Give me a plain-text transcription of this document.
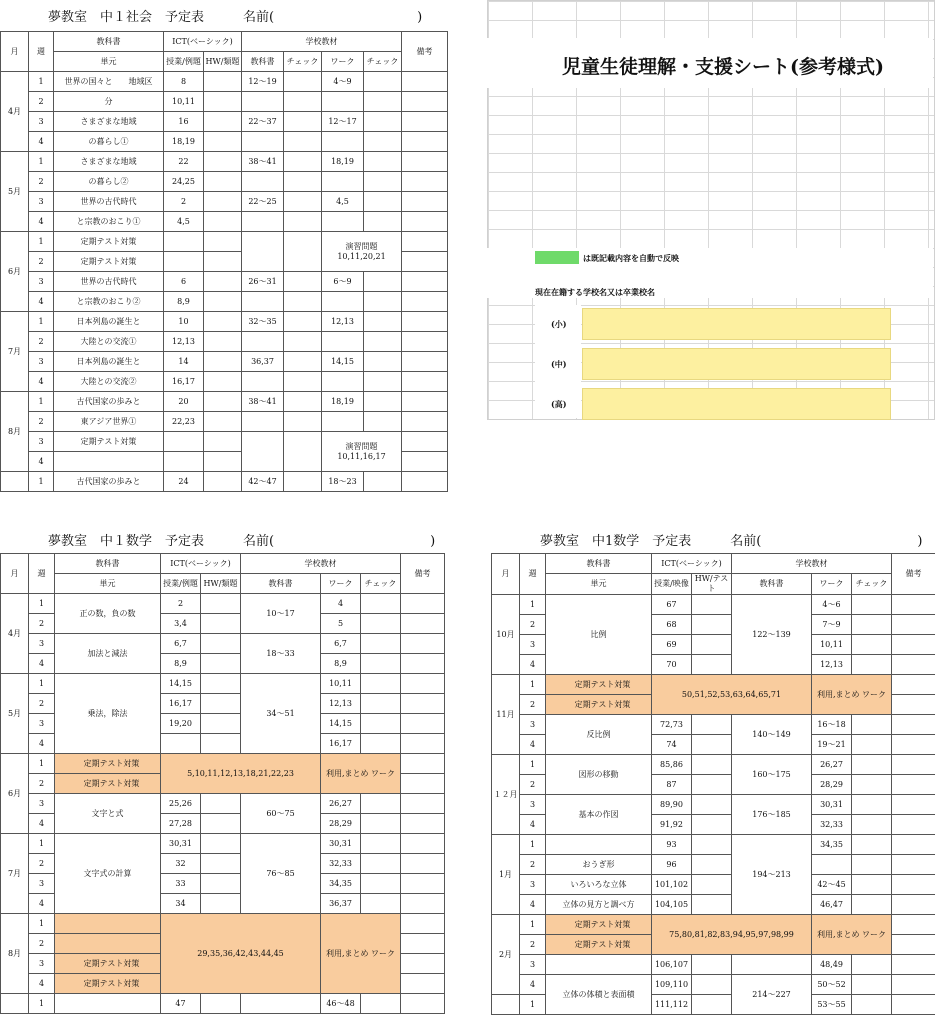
夢教室　中１社会　予定表　　　名前(　　　　　　　　　　　)
月	週	教科書	ICT(ベーシック)		学校教材				備考	
		単元	授業/例題	HW/類題	教科書	チェック	ワーク	チェック		
4月	1	世界の国々と　　地域区	8		12〜19		4〜9			
	2	分	10,11							
	3	さまざまな地域	16		22〜37		12〜17			
	4	の暮らし①	18,19							
5月	1	さまざまな地域	22		38〜41		18,19			
	2	の暮らし②	24,25							
	3	世界の古代時代	2		22〜25		4,5			
	4	と宗教のおこり①	4,5							
6月	1	定期テスト対策					演習問題 10,11,20,21			
	2	定期テスト対策								
	3	世界の古代時代	6		26〜31		6〜9			
	4	と宗教のおこり②	8,9							
7月	1	日本列島の誕生と	10		32〜35		12,13			
	2	大陸との交流①	12,13							
	3	日本列島の誕生と	14		36,37		14,15			
	4	大陸との交流②	16,17							
8月	1	古代国家の歩みと	20		38〜41		18,19			
	2	東アジア世界①	22,23							
	3	定期テスト対策					演習問題 10,11,16,17			
	4									
	1	古代国家の歩みと	24		42〜47		18〜23			
児童生徒理解・支援シート(参考様式)
は既記載内容を自動で反映
現在在籍する学校名又は卒業校名
(小)
(中)
(高)
夢教室　中１数学　予定表　　　名前(　　　　　　　　　　　　)
月	週	教科書	ICT(ベーシック)		学校教材			備考
		単元	授業/例題	HW/類題	教科書	ワーク	チェック	
4月	1	正の数，負の数	2		10〜17	4		
	2		3,4			5		
	3	加法と減法	6,7		18〜33	6,7		
	4		8,9			8,9		
5月	1	乗法，除法	14,15		34〜51	10,11		
	2		16,17			12,13		
	3		19,20			14,15		
	4					16,17		
6月	1	定期テスト対策	5,10,11,12,13,18,21,22,23			利用,まとめ ワーク		
	2	定期テスト対策						
	3	文字と式	25,26		60〜75	26,27		
	4		27,28			28,29		
7月	1	文字式の計算	30,31		76〜85	30,31		
	2		32			32,33		
	3		33			34,35		
	4		34			36,37		
8月	1		29,35,36,42,43,44,45			利用,まとめ ワーク		
	2							
	3	定期テスト対策						
	4	定期テスト対策						
	1		47			46〜48		
夢教室　中1数学　予定表　　　名前(　　　　　　　　　　　　)
月	週	教科書	ICT(ベーシック)		学校教材			備考
		単元	授業/映像	HW/テスト	教科書	ワーク	チェック	
10月	1	比例	67		122〜139	4〜6		
	2		68			7〜9		
	3		69			10,11		
	4		70			12,13		
11月	1	定期テスト対策	50,51,52,53,63,64,65,71			利用,まとめ ワーク		
	2	定期テスト対策						
	3	反比例	72,73		140〜149	16〜18		
	4		74			19〜21		
１２月	1	図形の移動	85,86		160〜175	26,27		
	2		87			28,29		
	3	基本の作図	89,90		176〜185	30,31		
	4		91,92			32,33		
1月	1		93		194〜213	34,35		
	2	おうぎ形	96					
	3	いろいろな立体	101,102			42〜45		
	4	立体の見方と調べ方	104,105			46,47		
2月	1	定期テスト対策	75,80,81,82,83,94,95,97,98,99			利用,まとめ ワーク		
	2	定期テスト対策						
	3		106,107			48,49		
	4	立体の体積と表面積	109,110		214〜227	50〜52		
	1		111,112			53〜55		
